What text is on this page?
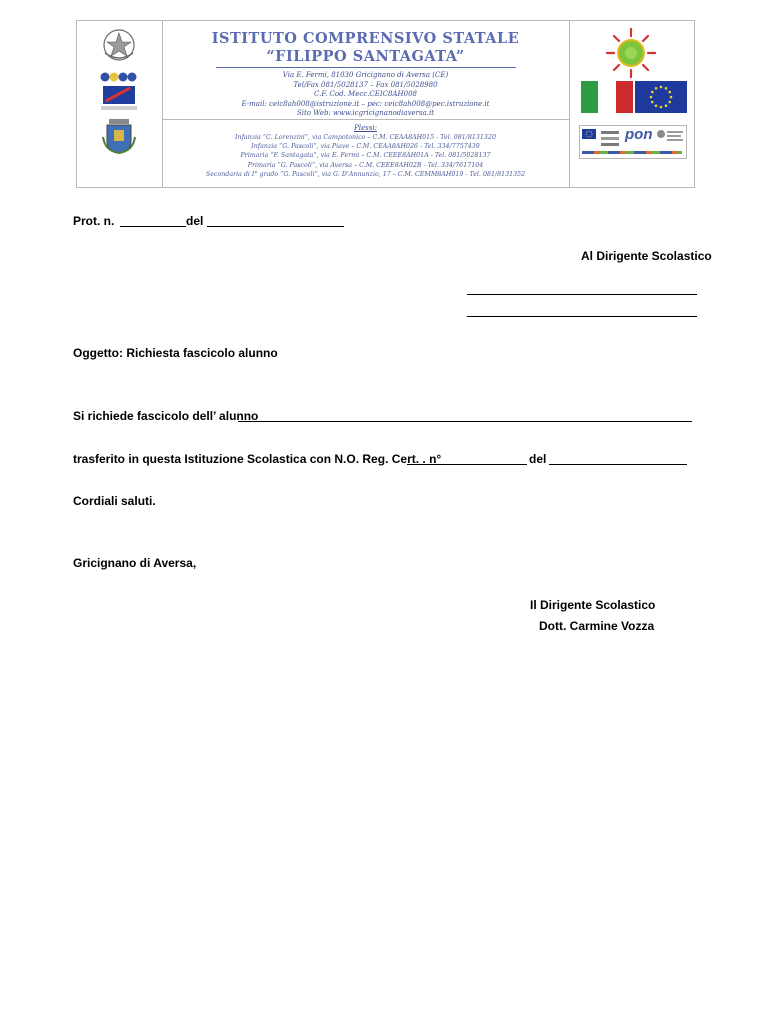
ISTITUTO COMPRENSIVO STATALE
“FILIPPO SANTAGATA”
Via E. Fermi, 81030 Gricignano di Aversa (CE)
Tel/Fax 081/5028137 – Fax 081/5028980
C.F. Cod. Mecc.CEIC8AH008
E-mail: ceic8ah008@istruzione.it – pec: ceic8ah008@pec.istruzione.it
Sito Web: www.icgricignanodiaversa.it
Plessi:
Infanzia “C. Lorenzini”, via Campotonico – C.M. CEAA8AH015 - Tel. 081/8131320
Infanzia “G. Pascoli”, via Piave – C.M. CEAA8AH026 - Tel. 334/7757439
Primaria “F. Santagata”, via E. Fermi – C.M. CEEE8AH01A - Tel. 081/5028137
Primaria “G. Pascoli”, via Aversa – C.M. CEEE8AH02B - Tel. 334/7617104
Secondaria di I° grado “G. Pascoli”, via G. D’Annunzio, 17 – C.M. CEMM8AH019 - Tel. 081/8131352
pon
Prot. n.	del
Al Dirigente Scolastico
Oggetto: Richiesta fascicolo alunno
Si richiede fascicolo dell’ alunno
trasferito in questa Istituzione Scolastica con N.O. Reg. Cert. . n°	del
Cordiali saluti.
Gricignano di Aversa,
Il Dirigente Scolastico
Dott. Carmine Vozza
